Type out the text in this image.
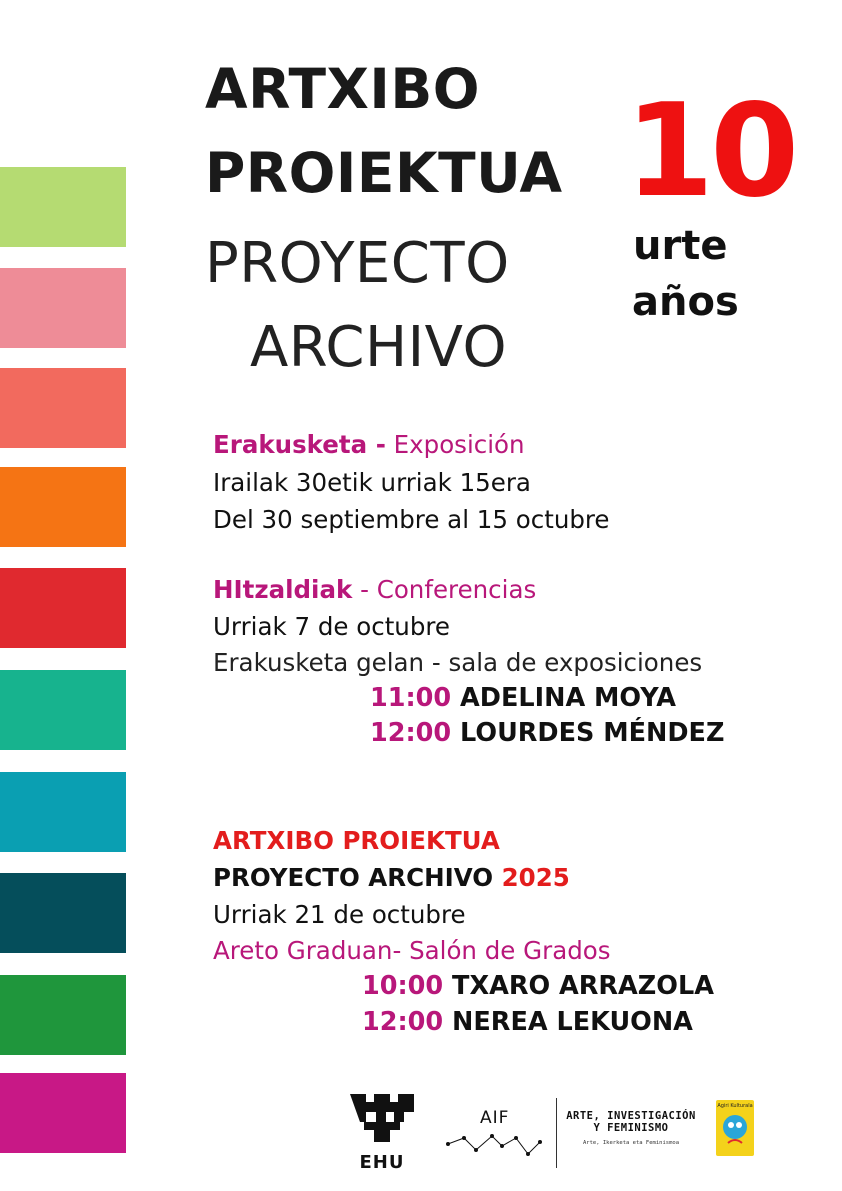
ARTXIBO
PROIEKTUA
PROYECTO
ARCHIVO
10
urte
años
Erakusketa - Exposición
Irailak 30etik urriak 15era
Del 30 septiembre al 15 octubre
HItzaldiak - Conferencias
Urriak 7 de octubre
Erakusketa gelan - sala de exposiciones
11:00 ADELINA MOYA
12:00 LOURDES MÉNDEZ
ARTXIBO PROIEKTUA
PROYECTO ARCHIVO 2025
Urriak 21 de octubre
Areto Graduan- Salón de Grados
10:00 TXARO ARRAZOLA
12:00 NEREA LEKUONA
EHU
AIF	ARTE, INVESTIGACIÓN
Y FEMINISMO
Arte, Ikerketa eta Feminismoa
Agiri Kulturala
